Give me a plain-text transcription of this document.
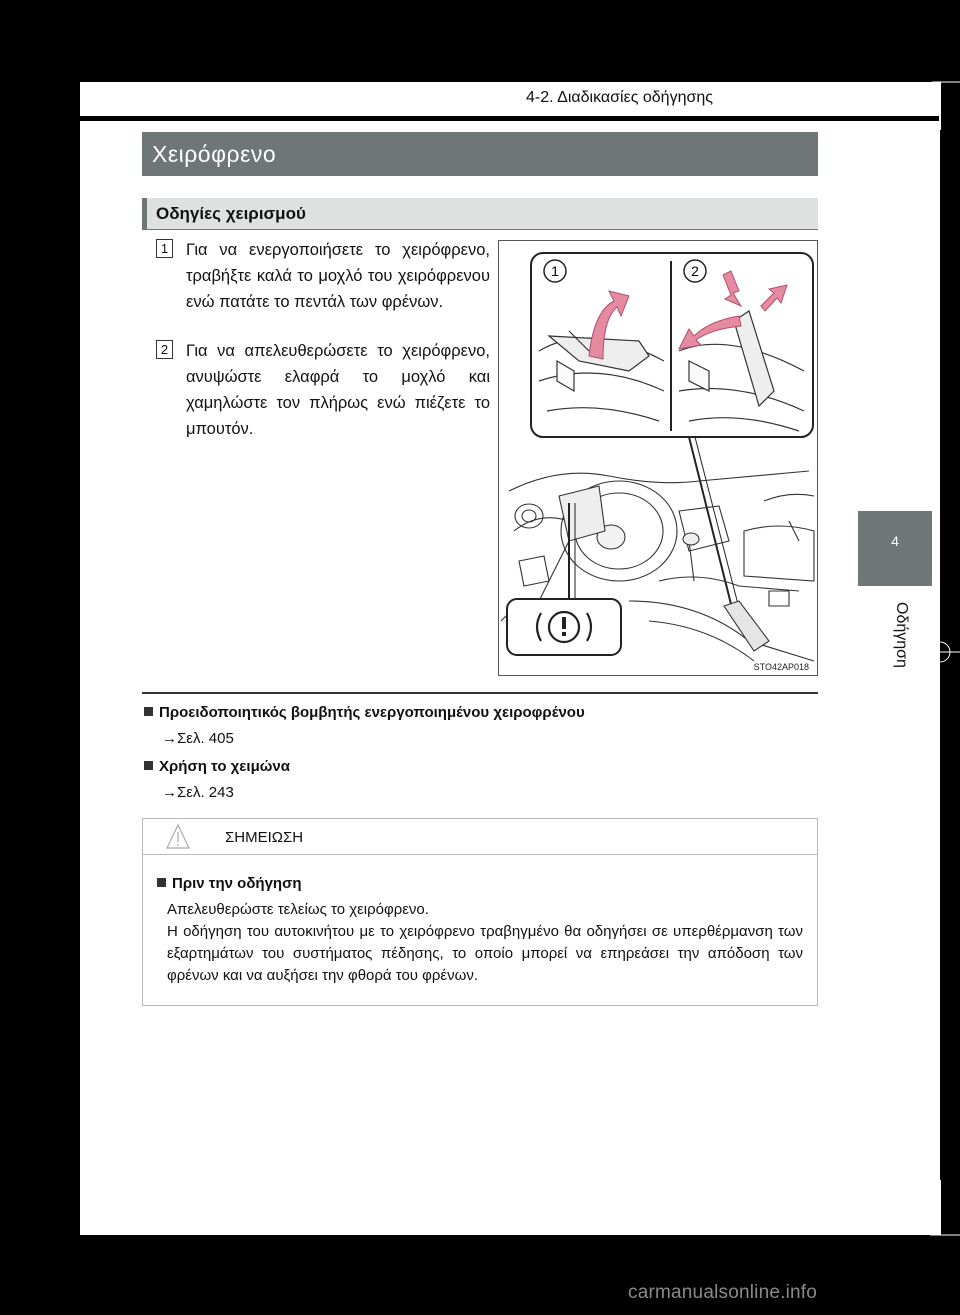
4-2. Διαδικασίες οδήγησης
Χειρόφρενο
Οδηγίες χειρισμού
1 Για να ενεργοποιήσετε το χειρόφρενο, τραβήξτε καλά το μοχλό του χειρόφρενου ενώ πατάτε το πεντάλ των φρένων.
2 Για να απελευθερώσετε το χειρόφρενο, ανυψώστε ελαφρά το μοχλό και χαμηλώστε τον πλήρως ενώ πιέζετε το μπουτόν.
1	2
STO42AP018
Προειδοποιητικός βομβητής ενεργοποιημένου χειροφρένου
→Σελ. 405
Χρήση το χειμώνα
→Σελ. 243
ΣΗΜΕΙΩΣΗ
Πριν την οδήγηση
Απελευθερώστε τελείως το χειρόφρενο.
Η οδήγηση του αυτοκινήτου με το χειρόφρενο τραβηγμένο θα οδηγήσει σε υπερθέρμανση των εξαρτημάτων του συστήματος πέδησης, το οποίο μπορεί να επηρεάσει την απόδοση των φρένων και να αυξήσει την φθορά του φρένων.
4
Οδήγηση
carmanualsonline.info
